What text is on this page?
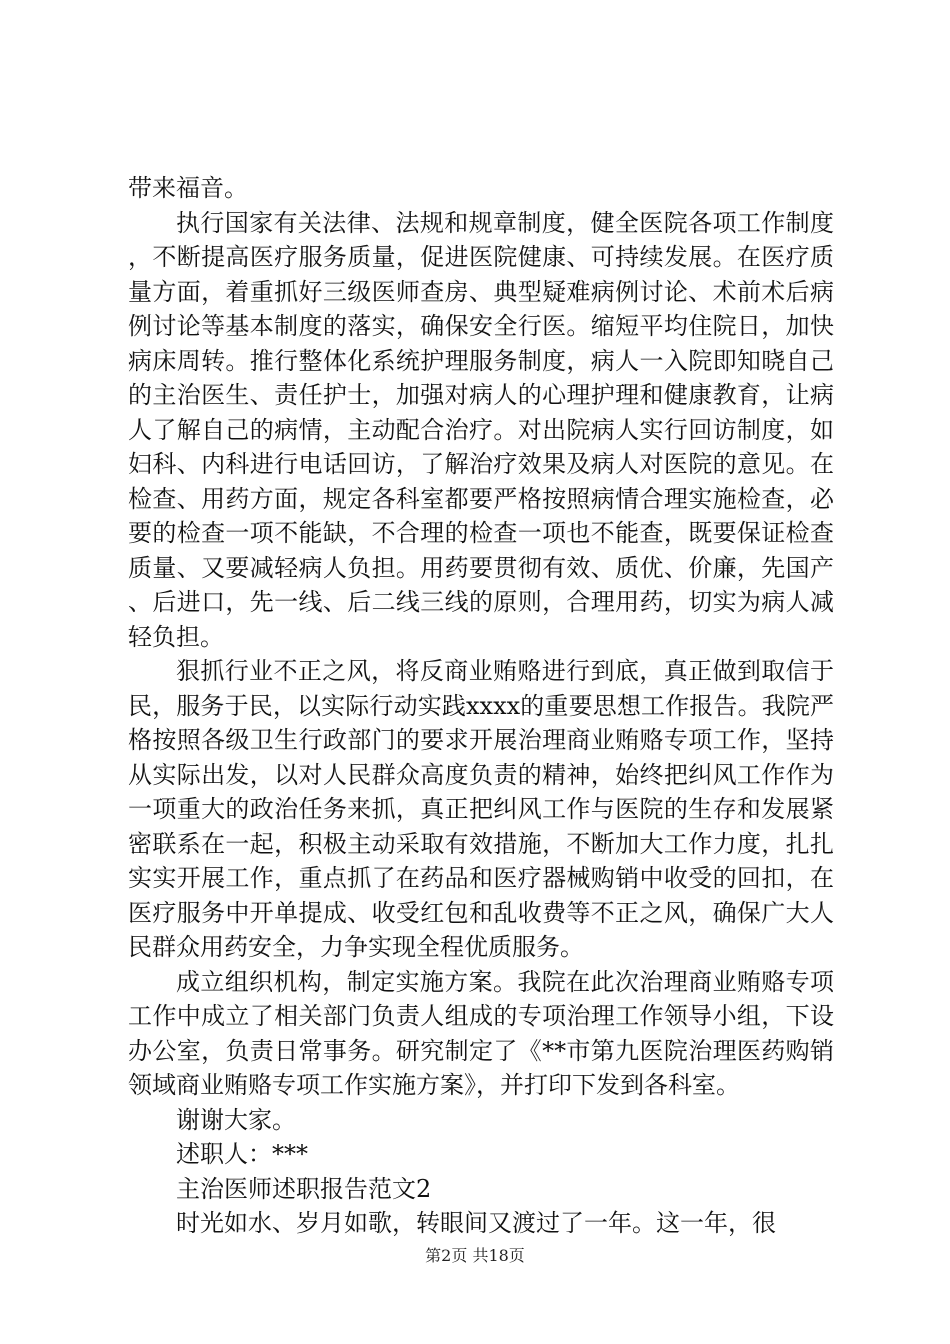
带来福音。

执行国家有关法律、法规和规章制度，健全医院各项工作制度，不断提高医疗服务质量，促进医院健康、可持续发展。在医疗质量方面，着重抓好三级医师查房、典型疑难病例讨论、术前术后病例讨论等基本制度的落实，确保安全行医。缩短平均住院日，加快病床周转。推行整体化系统护理服务制度，病人一入院即知晓自己的主治医生、责任护士，加强对病人的心理护理和健康教育，让病人了解自己的病情，主动配合治疗。对出院病人实行回访制度，如妇科、内科进行电话回访，了解治疗效果及病人对医院的意见。在检查、用药方面，规定各科室都要严格按照病情合理实施检查，必要的检查一项不能缺，不合理的检查一项也不能查，既要保证检查质量、又要减轻病人负担。用药要贯彻有效、质优、价廉，先国产、后进口，先一线、后二线三线的原则，合理用药，切实为病人减轻负担。

狠抓行业不正之风，将反商业贿赂进行到底，真正做到取信于民，服务于民，以实际行动实践xxxx的重要思想工作报告。我院严格按照各级卫生行政部门的要求开展治理商业贿赂专项工作，坚持从实际出发，以对人民群众高度负责的精神，始终把纠风工作作为一项重大的政治任务来抓，真正把纠风工作与医院的生存和发展紧密联系在一起，积极主动采取有效措施，不断加大工作力度，扎扎实实开展工作，重点抓了在药品和医疗器械购销中收受的回扣，在医疗服务中开单提成、收受红包和乱收费等不正之风，确保广大人民群众用药安全，力争实现全程优质服务。

成立组织机构，制定实施方案。我院在此次治理商业贿赂专项工作中成立了相关部门负责人组成的专项治理工作领导小组，下设办公室，负责日常事务。研究制定了《**市第九医院治理医药购销领域商业贿赂专项工作实施方案》，并打印下发到各科室。

谢谢大家。

述职人：***

主治医师述职报告范文2

时光如水、岁月如歌，转眼间又渡过了一年。这一年，很

第2页 共18页
